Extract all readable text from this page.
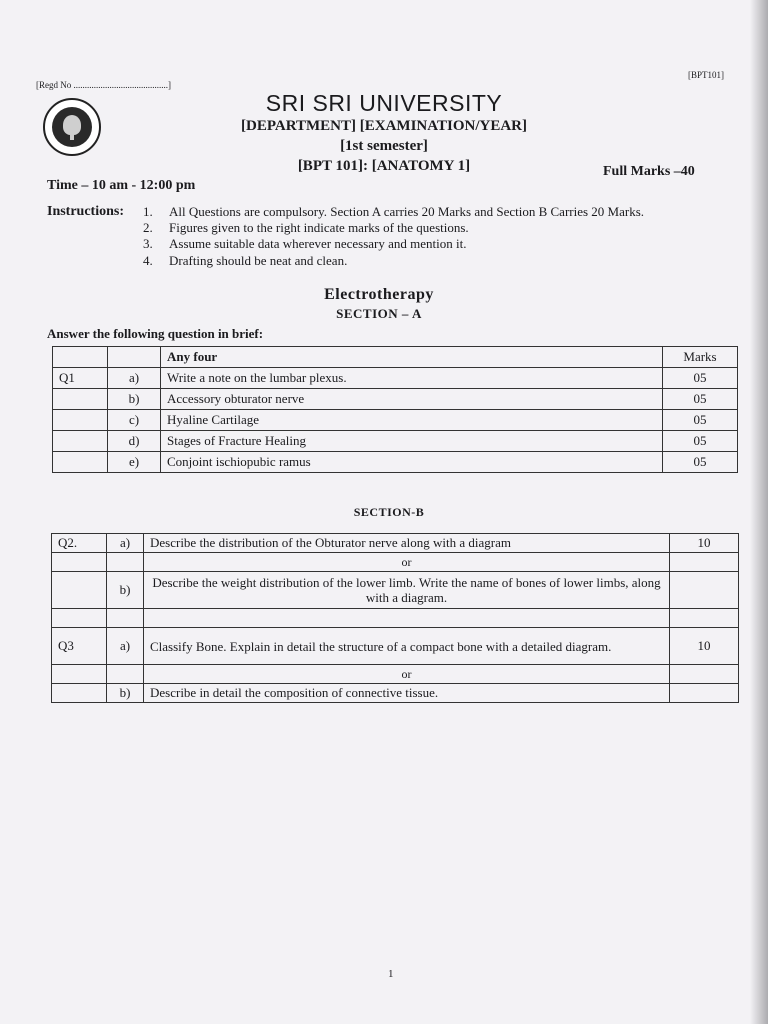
[Regd No ..........................................]
[BPT101]
SRI SRI UNIVERSITY
[DEPARTMENT] [EXAMINATION/YEAR]
[1st semester]
[BPT 101]: [ANATOMY 1]
Time – 10 am - 12:00 pm
Full Marks –40
Instructions: 1. All Questions are compulsory. Section A carries 20 Marks and Section B Carries 20 Marks.
2. Figures given to the right indicate marks of the questions.
3. Assume suitable data wherever necessary and mention it.
4. Drafting should be neat and clean.
Electrotherapy
SECTION – A
Answer the following question in brief:
		Any four	Marks
Q1	a)	Write a note on the lumbar plexus.	05
	b)	Accessory obturator nerve	05
	c)	Hyaline Cartilage	05
	d)	Stages of Fracture Healing	05
	e)	Conjoint ischiopubic ramus	05
SECTION-B
Q2.	a)	Describe the distribution of the Obturator nerve along with a diagram	10
		or	
	b)	Describe the weight distribution of the lower limb. Write the name of bones of lower limbs, along with a diagram.	

Q3	a)	Classify Bone. Explain in detail the structure of a compact bone with a detailed diagram.	10
		or	
	b)	Describe in detail the composition of connective tissue.	
1
